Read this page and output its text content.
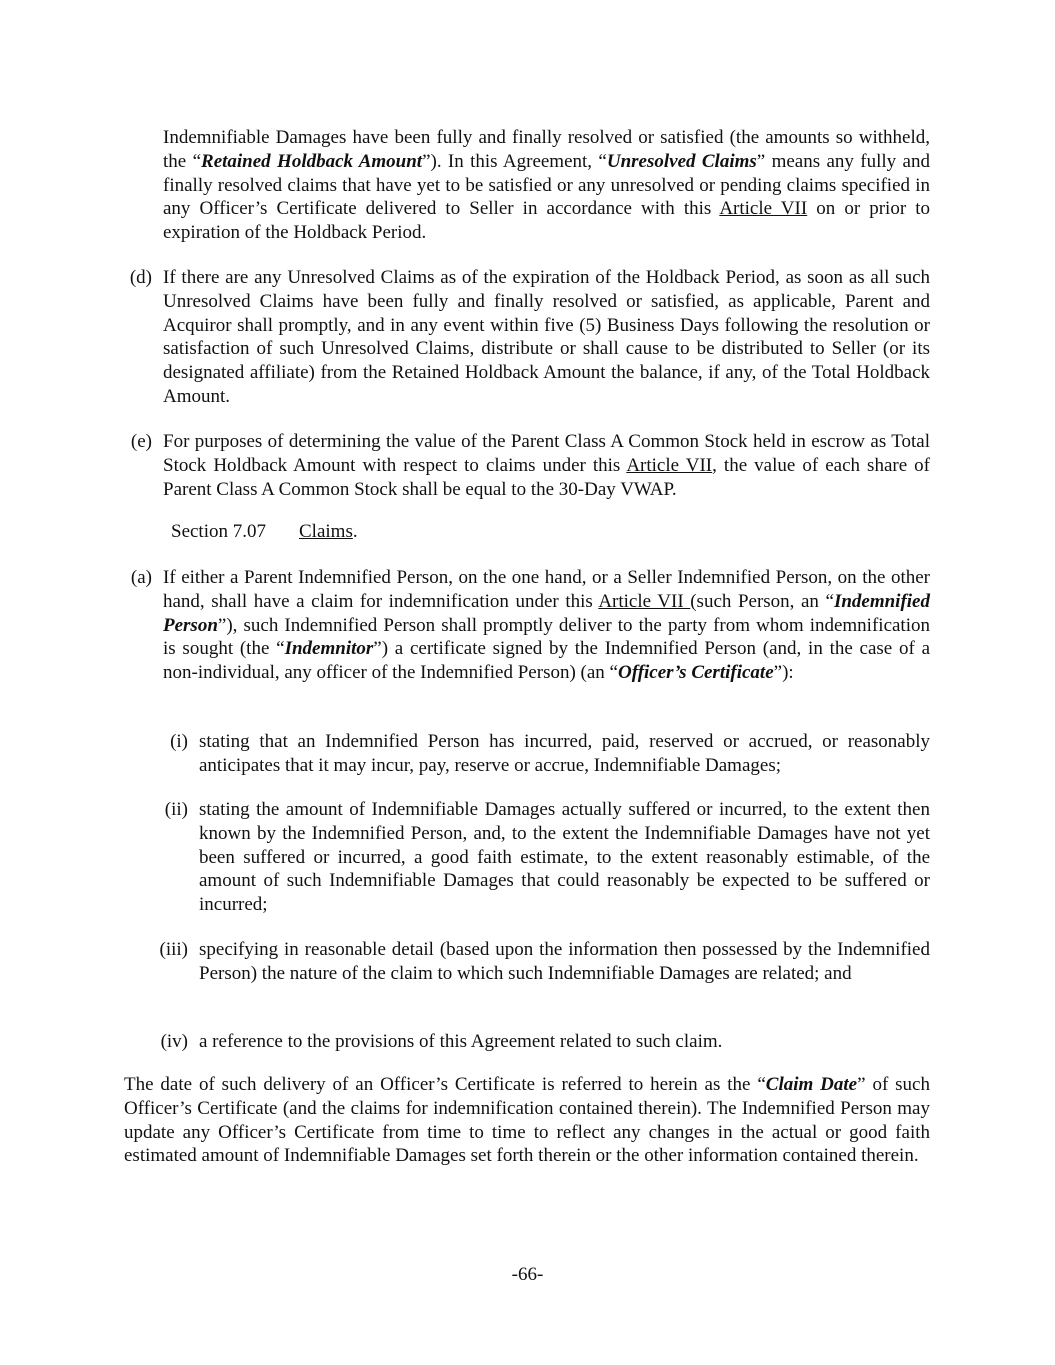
Indemnifiable Damages have been fully and finally resolved or satisfied (the amounts so withheld, the “Retained Holdback Amount”). In this Agreement, “Unresolved Claims” means any fully and finally resolved claims that have yet to be satisfied or any unresolved or pending claims specified in any Officer’s Certificate delivered to Seller in accordance with this Article VII on or prior to expiration of the Holdback Period.
(d) If there are any Unresolved Claims as of the expiration of the Holdback Period, as soon as all such Unresolved Claims have been fully and finally resolved or satisfied, as applicable, Parent and Acquiror shall promptly, and in any event within five (5) Business Days following the resolution or satisfaction of such Unresolved Claims, distribute or shall cause to be distributed to Seller (or its designated affiliate) from the Retained Holdback Amount the balance, if any, of the Total Holdback Amount.
(e) For purposes of determining the value of the Parent Class A Common Stock held in escrow as Total Stock Holdback Amount with respect to claims under this Article VII, the value of each share of Parent Class A Common Stock shall be equal to the 30-Day VWAP.
Section 7.07 Claims.
(a) If either a Parent Indemnified Person, on the one hand, or a Seller Indemnified Person, on the other hand, shall have a claim for indemnification under this Article VII (such Person, an “Indemnified Person”), such Indemnified Person shall promptly deliver to the party from whom indemnification is sought (the “Indemnitor”) a certificate signed by the Indemnified Person (and, in the case of a non-individual, any officer of the Indemnified Person) (an “Officer’s Certificate”):
(i) stating that an Indemnified Person has incurred, paid, reserved or accrued, or reasonably anticipates that it may incur, pay, reserve or accrue, Indemnifiable Damages;
(ii) stating the amount of Indemnifiable Damages actually suffered or incurred, to the extent then known by the Indemnified Person, and, to the extent the Indemnifiable Damages have not yet been suffered or incurred, a good faith estimate, to the extent reasonably estimable, of the amount of such Indemnifiable Damages that could reasonably be expected to be suffered or incurred;
(iii) specifying in reasonable detail (based upon the information then possessed by the Indemnified Person) the nature of the claim to which such Indemnifiable Damages are related; and
(iv) a reference to the provisions of this Agreement related to such claim.
The date of such delivery of an Officer’s Certificate is referred to herein as the “Claim Date” of such Officer’s Certificate (and the claims for indemnification contained therein). The Indemnified Person may update any Officer’s Certificate from time to time to reflect any changes in the actual or good faith estimated amount of Indemnifiable Damages set forth therein or the other information contained therein.
-66-
